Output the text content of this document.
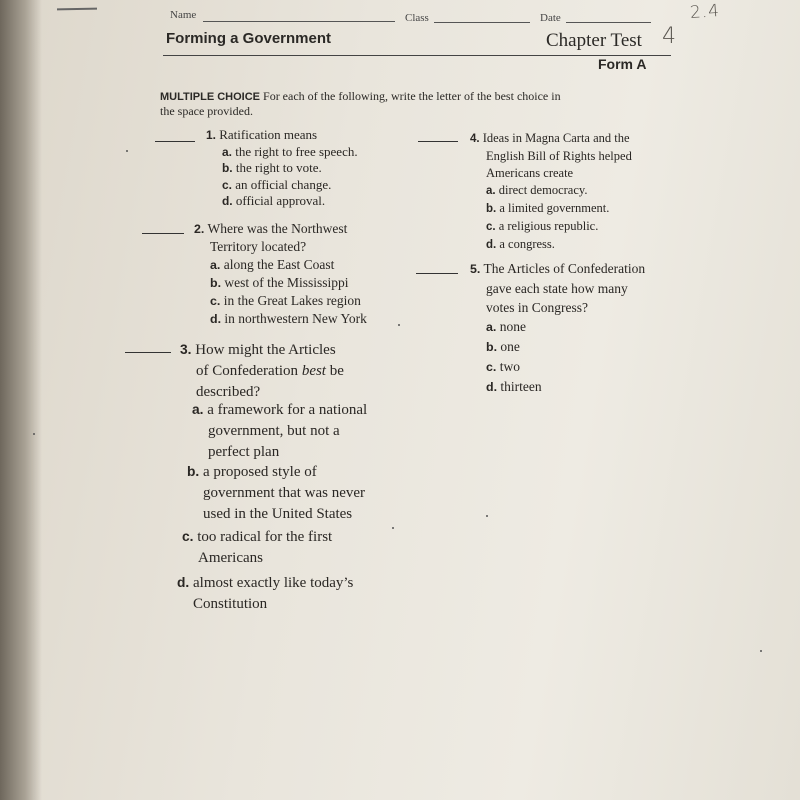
Name	Class	Date	2.4
Forming a Government	Chapter Test 4
Form A
MULTIPLE CHOICE For each of the following, write the letter of the best choice in
the space provided.
1. Ratification means
a. the right to free speech.
b. the right to vote.
c. an official change.
d. official approval.
2. Where was the Northwest
Territory located?
a. along the East Coast
b. west of the Mississippi
c. in the Great Lakes region
d. in northwestern New York
3. How might the Articles
of Confederation best be
described?
a. a framework for a national
government, but not a
perfect plan
b. a proposed style of
government that was never
used in the United States
c. too radical for the first
Americans
d. almost exactly like today’s
Constitution
4. Ideas in Magna Carta and the
English Bill of Rights helped
Americans create
a. direct democracy.
b. a limited government.
c. a religious republic.
d. a congress.
5. The Articles of Confederation
gave each state how many
votes in Congress?
a. none
b. one
c. two
d. thirteen
